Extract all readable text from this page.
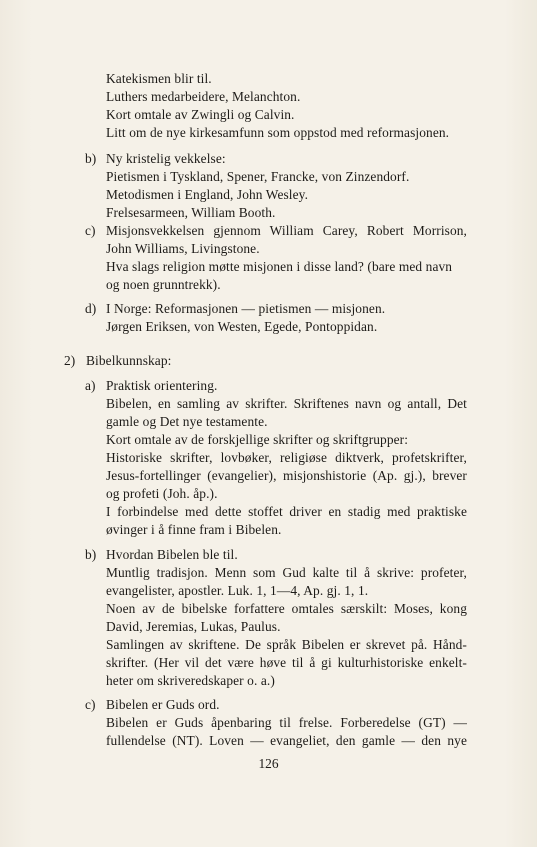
Katekismen blir til.
Luthers medarbeidere, Melanchton.
Kort omtale av Zwingli og Calvin.
Litt om de nye kirkesamfunn som oppstod med reformasjonen.
b) Ny kristelig vekkelse:
Pietismen i Tyskland, Spener, Francke, von Zinzendorf.
Metodismen i England, John Wesley.
Frelsesarmeen, William Booth.
c) Misjonsvekkelsen gjennom William Carey, Robert Morrison,
John Williams, Livingstone.
Hva slags religion møtte misjonen i disse land? (bare med navn
og noen grunntrekk).
d) I Norge: Reformasjonen — pietismen — misjonen.
Jørgen Eriksen, von Westen, Egede, Pontoppidan.
2) Bibelkunnskap:
a) Praktisk orientering.
Bibelen, en samling av skrifter. Skriftenes navn og antall, Det
gamle og Det nye testamente.
Kort omtale av de forskjellige skrifter og skriftgrupper:
Historiske skrifter, lovbøker, religiøse diktverk, profetskrifter,
Jesus-fortellinger (evangelier), misjonshistorie (Ap. gj.), brever
og profeti (Joh. åp.).
I forbindelse med dette stoffet driver en stadig med praktiske
øvinger i å finne fram i Bibelen.
b) Hvordan Bibelen ble til.
Muntlig tradisjon. Menn som Gud kalte til å skrive: profeter,
evangelister, apostler. Luk. 1, 1—4, Ap. gj. 1, 1.
Noen av de bibelske forfattere omtales særskilt: Moses, kong
David, Jeremias, Lukas, Paulus.
Samlingen av skriftene. De språk Bibelen er skrevet på. Hånd-
skrifter. (Her vil det være høve til å gi kulturhistoriske enkelt-
heter om skriveredskaper o. a.)
c) Bibelen er Guds ord.
Bibelen er Guds åpenbaring til frelse. Forberedelse (GT) —
fullendelse (NT). Loven — evangeliet, den gamle — den nye
126
